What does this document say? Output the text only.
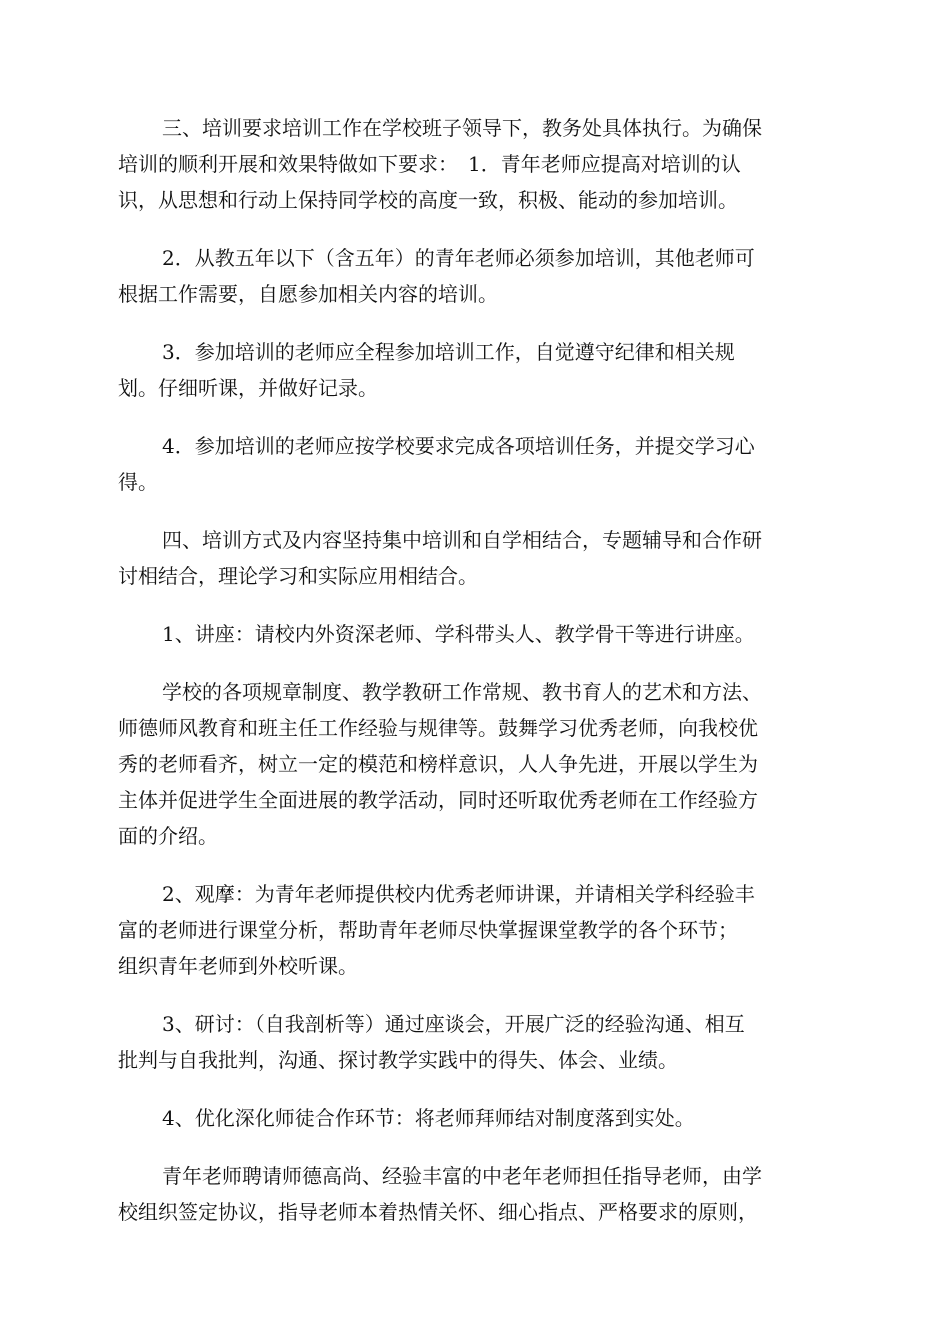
三、培训要求培训工作在学校班子领导下，教务处具体执行。为确保
培训的顺利开展和效果特做如下要求：　1．青年老师应提高对培训的认
识，从思想和行动上保持同学校的高度一致，积极、能动的参加培训。
2．从教五年以下（含五年）的青年老师必须参加培训，其他老师可
根据工作需要，自愿参加相关内容的培训。
3．参加培训的老师应全程参加培训工作，自觉遵守纪律和相关规
划。仔细听课，并做好记录。
4．参加培训的老师应按学校要求完成各项培训任务，并提交学习心
得。
四、培训方式及内容坚持集中培训和自学相结合，专题辅导和合作研
讨相结合，理论学习和实际应用相结合。
1、讲座：请校内外资深老师、学科带头人、教学骨干等进行讲座。
学校的各项规章制度、教学教研工作常规、教书育人的艺术和方法、
师德师风教育和班主任工作经验与规律等。鼓舞学习优秀老师，向我校优
秀的老师看齐，树立一定的模范和榜样意识，人人争先进，开展以学生为
主体并促进学生全面进展的教学活动，同时还听取优秀老师在工作经验方
面的介绍。
2、观摩：为青年老师提供校内优秀老师讲课，并请相关学科经验丰
富的老师进行课堂分析，帮助青年老师尽快掌握课堂教学的各个环节；
组织青年老师到外校听课。
3、研讨：（自我剖析等）通过座谈会，开展广泛的经验沟通、相互
批判与自我批判，沟通、探讨教学实践中的得失、体会、业绩。
4、优化深化师徒合作环节：将老师拜师结对制度落到实处。
青年老师聘请师德高尚、经验丰富的中老年老师担任指导老师，由学
校组织签定协议，指导老师本着热情关怀、细心指点、严格要求的原则，
